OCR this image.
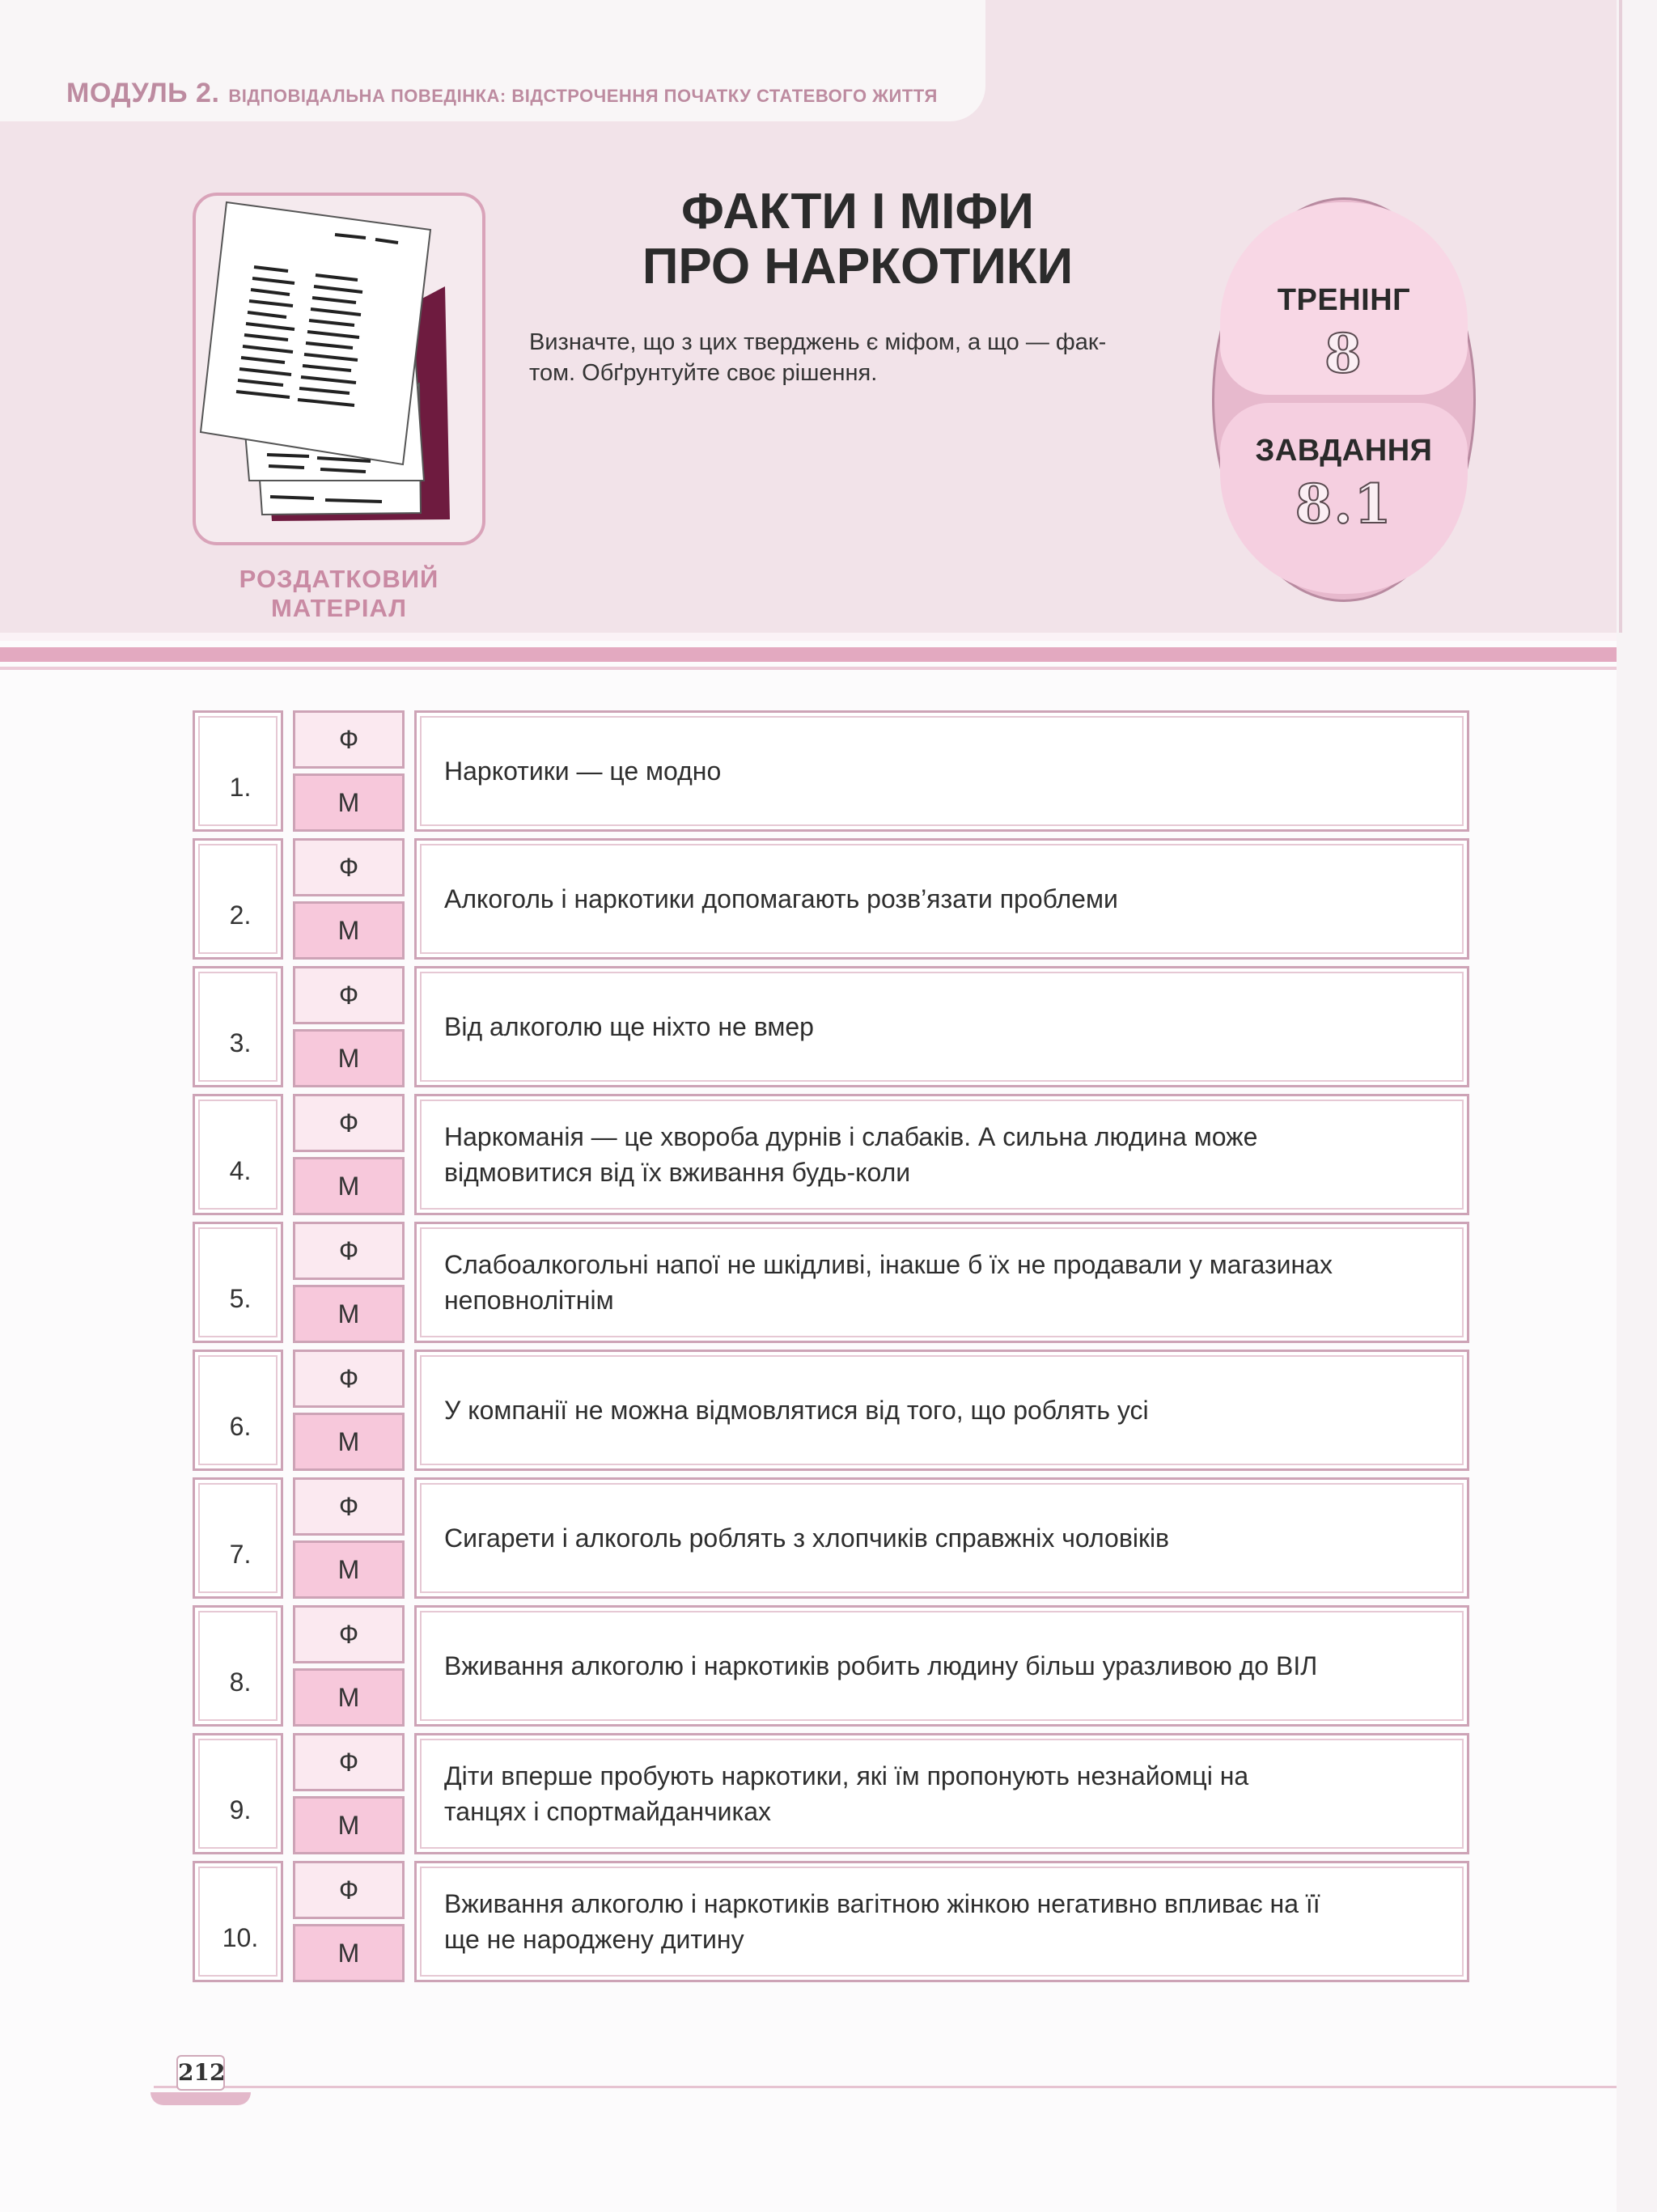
МОДУЛЬ 2. ВІДПОВІДАЛЬНА ПОВЕДІНКА: ВІДСТРОЧЕННЯ ПОЧАТКУ СТАТЕВОГО ЖИТТЯ
РОЗДАТКОВИЙ
МАТЕРІАЛ
ФАКТИ І МІФИ
ПРО НАРКОТИКИ
Визначте, що з цих тверджень є міфом, а що — фак-
том. Обґрунтуйте своє рішення.
ТРЕНІНГ
8
ЗАВДАННЯ
8.1
1.
Ф
М
Наркотики — це модно
2.
Ф
М
Алкоголь і наркотики допомагають розв’язати проблеми
3.
Ф
М
Від алкоголю ще ніхто не вмер
4.
Ф
М
Наркоманія — це хвороба дурнів і слабаків. А сильна людина може
відмовитися від їх вживання будь-коли
5.
Ф
М
Слабоалкогольні напої не шкідливі, інакше б їх не продавали у магазинах
неповнолітнім
6.
Ф
М
У компанії не можна відмовлятися від того, що роблять усі
7.
Ф
М
Сигарети і алкоголь роблять з хлопчиків справжніх чоловіків
8.
Ф
М
Вживання алкоголю і наркотиків робить людину більш уразливою до ВІЛ
9.
Ф
М
Діти вперше пробують наркотики, які їм пропонують незнайомці на
танцях і спортмайданчиках
10.
Ф
М
Вживання алкоголю і наркотиків вагітною жінкою негативно впливає на її
ще не народжену дитину
212
